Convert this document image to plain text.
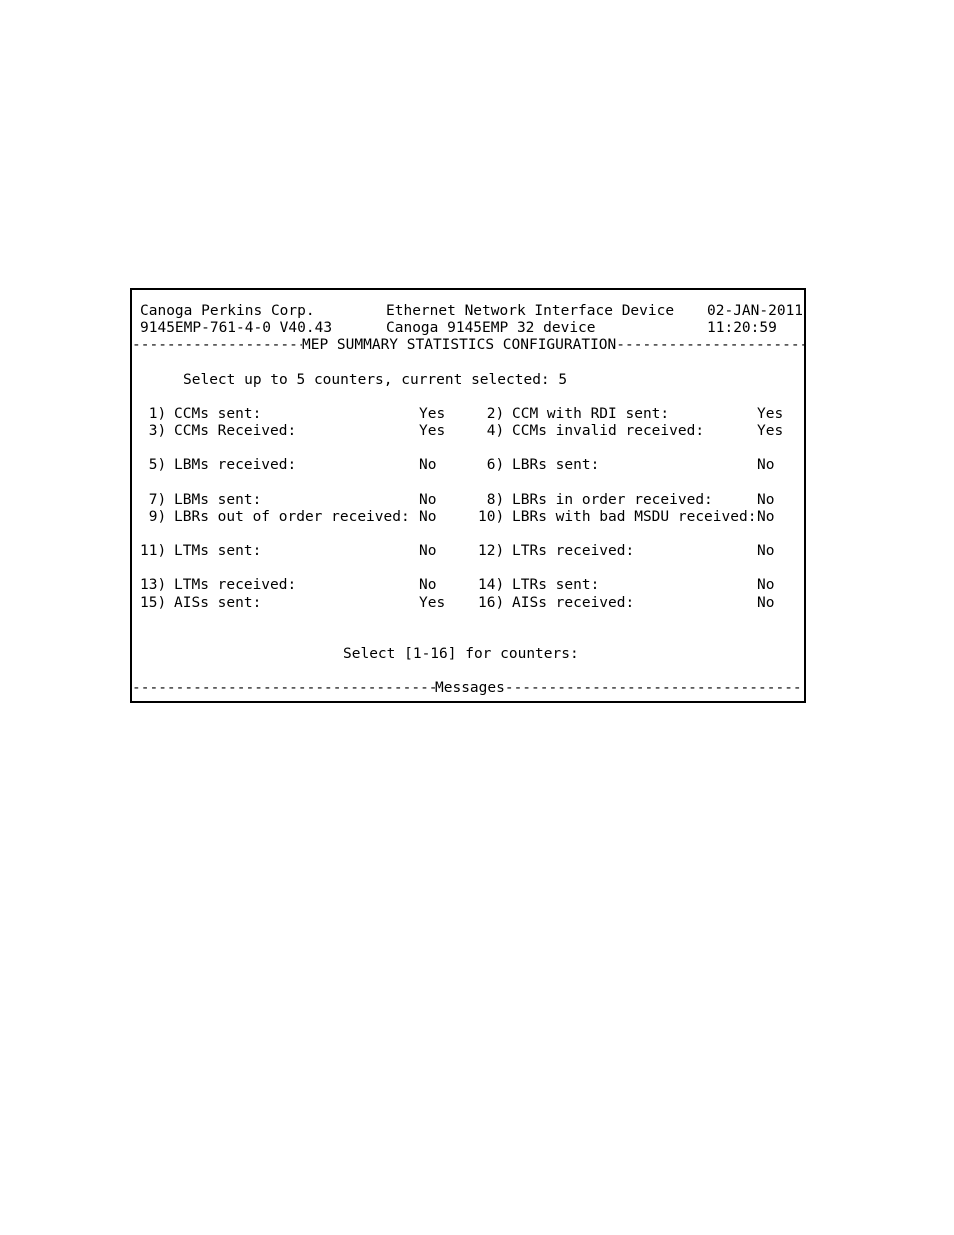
Canoga Perkins Corp.	Ethernet Network Interface Device 02-JAN-2011
9145EMP-761-4-0 V40.43	Canoga 9145EMP 32 device	11:20:59
-----
MEP SUMMARY STATISTICS CONFIGURATION
-----
Select up to 5 counters, current selected: 5
1) CCMs sent:	Yes 2) CCM with RDI sent:	Yes
3) CCMs Received:	Yes 4) CCMs invalid received:	Yes
5) LBMs received:	No	6) LBRs sent:	No
7) LBMs sent:	No	8) LBRs in order received:	No
9) LBRs out of order received: No	10) LBRs with bad MSDU received: No
11) LTMs sent:	No	12) LTRs received:	No
13) LTMs received:	No	14) LTRs sent:	No
15) AISs sent:	Yes 16) AISs received:	No
Select [1-16] for counters:
-----
Messages
-----
